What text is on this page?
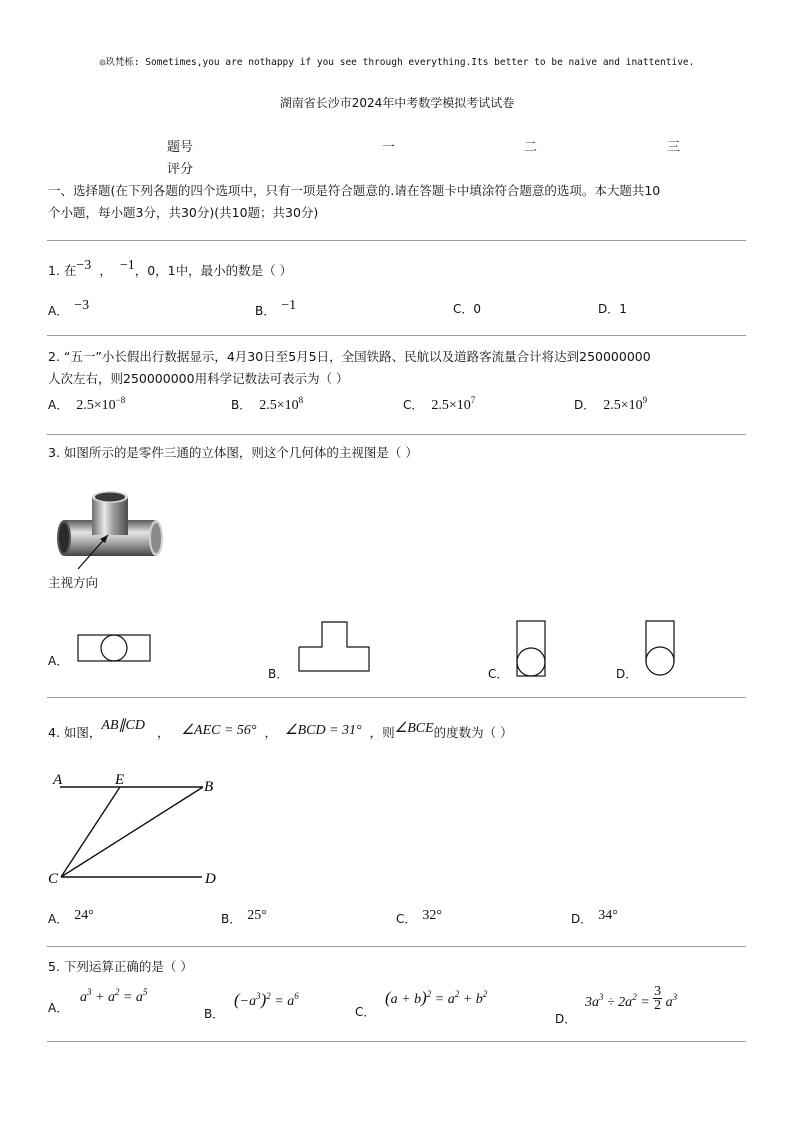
◎玖梵栎: Sometimes,you are nothappy if you see through everything.Its better to be naive and inattentive.
湖南省长沙市2024年中考数学模拟考试试卷
题号	一	二	三
评分
一、选择题(在下列各题的四个选项中，只有一项是符合题意的.请在答题卡中填涂符合题意的选项。本大题共10
个小题，每小题3分，共30分)(共10题；共30分)
1. 在−3 ， −1，0，1中，最小的数是（ ）
A． −3	B． −1	C．0	D．1
2. “五一”小长假出行数据显示，4月30日至5月5日，全国铁路、民航以及道路客流量合计将达到250000000
人次左右，则250000000用科学记数法可表示为（ ）
A． $2.5\times 10^{-8}$	B． $2.5\times 10^8$	C． $2.5\times 10^7$	D． $2.5\times 10^9$
3. 如图所示的是零件三通的立体图，则这个几何体的主视图是（ ）
主视方向
A．
B．	C．	D．
4. 如图，AB∥CD ， ∠AEC = 56° ， ∠BCD = 31° ，则∠BCE的度数为（ ）
A	E	B
C	D
A． 24°	B． 25°	C． 32°	D． 34°
5. 下列运算正确的是（ ）
A．
$a^3 + a^2 = a^5$
B．
$(-a^3)^2 = a^6$
C．
$(a + b)^2 = a^2 + b^2$
D．
$3a^3 \div 2a^2 = \frac{3}{2} a^3$
